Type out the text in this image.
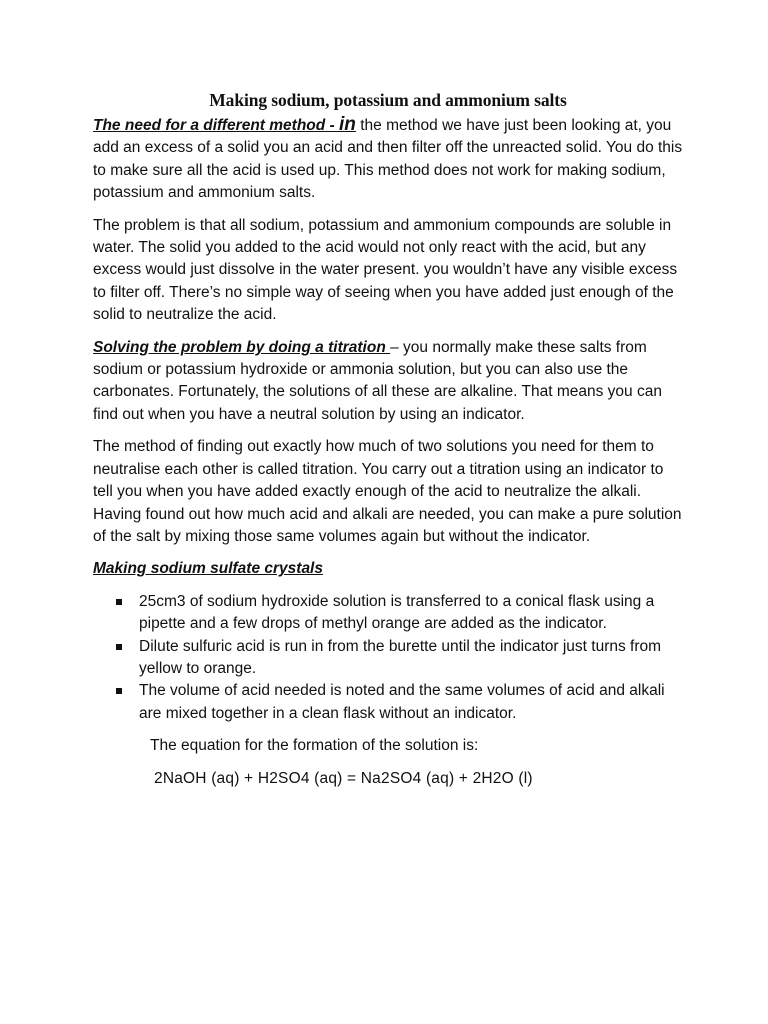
Making sodium, potassium and ammonium salts

The need for a different method - in the method we have just been looking at, you add an excess of a solid you an acid and then filter off the unreacted solid. You do this to make sure all the acid is used up. This method does not work for making sodium, potassium and ammonium salts.

The problem is that all sodium, potassium and ammonium compounds are soluble in water. The solid you added to the acid would not only react with the acid, but any excess would just dissolve in the water present. you wouldn’t have any visible excess to filter off. There’s no simple way of seeing when you have added just enough of the solid to neutralize the acid.

Solving the problem by doing a titration – you normally make these salts from sodium or potassium hydroxide or ammonia solution, but you can also use the carbonates. Fortunately, the solutions of all these are alkaline. That means you can find out when you have a neutral solution by using an indicator.

The method of finding out exactly how much of two solutions you need for them to neutralise each other is called titration. You carry out a titration using an indicator to tell you when you have added exactly enough of the acid to neutralize the alkali. Having found out how much acid and alkali are needed, you can make a pure solution of the salt by mixing those same volumes again but without the indicator.

Making sodium sulfate crystals

25cm3 of sodium hydroxide solution is transferred to a conical flask using a pipette and a few drops of methyl orange are added as the indicator.
Dilute sulfuric acid is run in from the burette until the indicator just turns from yellow to orange.
The volume of acid needed is noted and the same volumes of acid and alkali are mixed together in a clean flask without an indicator.

The equation for the formation of the solution is:

2NaOH (aq) + H2SO4 (aq) = Na2SO4 (aq) + 2H2O (l)
